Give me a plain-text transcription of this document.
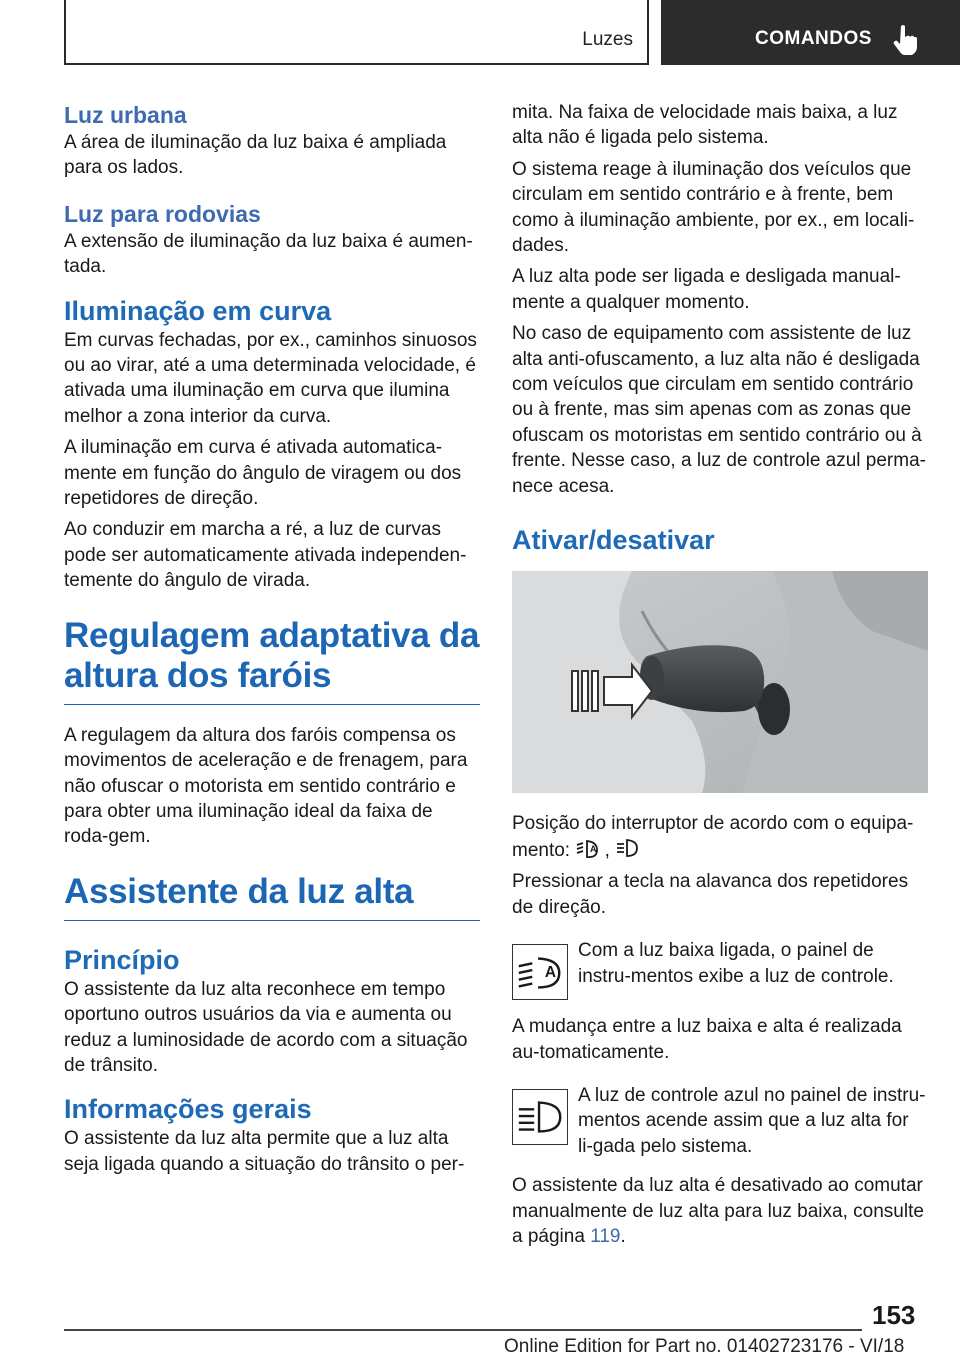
Luzes	COMANDOS
Luz urbana

A área de iluminação da luz baixa é ampliada para os lados.

Luz para rodovias

A extensão de iluminação da luz baixa é aumen-tada.

Iluminação em curva

Em curvas fechadas, por ex., caminhos sinuosos ou ao virar, até a uma determinada velocidade, é ativada uma iluminação em curva que ilumina melhor a zona interior da curva.

A iluminação em curva é ativada automatica-mente em função do ângulo de viragem ou dos repetidores de direção.

Ao conduzir em marcha a ré, a luz de curvas pode ser automaticamente ativada independen-temente do ângulo de virada.

Regulagem adaptativa da altura dos faróis

A regulagem da altura dos faróis compensa os movimentos de aceleração e de frenagem, para não ofuscar o motorista em sentido contrário e para obter uma iluminação ideal da faixa de roda-gem.

Assistente da luz alta
Princípio

O assistente da luz alta reconhece em tempo oportuno outros usuários da via e aumenta ou reduz a luminosidade de acordo com a situação de trânsito.

Informações gerais

O assistente da luz alta permite que a luz alta seja ligada quando a situação do trânsito o per-

mita. Na faixa de velocidade mais baixa, a luz alta não é ligada pelo sistema.

O sistema reage à iluminação dos veículos que circulam em sentido contrário e à frente, bem como à iluminação ambiente, por ex., em locali-dades.

A luz alta pode ser ligada e desligada manual-mente a qualquer momento.

No caso de equipamento com assistente de luz alta anti-ofuscamento, a luz alta não é desligada com veículos que circulam em sentido contrário ou à frente, mas sim apenas com as zonas que ofuscam os motoristas em sentido contrário ou à frente. Nesse caso, a luz de controle azul perma-nece acesa.

Ativar/desativar

Posição do interruptor de acordo com o equipa-mento: A ,

Pressionar a tecla na alavanca dos repetidores de direção.

A
Com a luz baixa ligada, o painel de instru-mentos exibe a luz de controle.

A mudança entre a luz baixa e alta é realizada au-tomaticamente.

A luz de controle azul no painel de instru-mentos acende assim que a luz alta for li-gada pelo sistema.

O assistente da luz alta é desativado ao comutar manualmente de luz alta para luz baixa, consulte a página 119.

153
Online Edition for Part no. 01402723176 - VI/18
